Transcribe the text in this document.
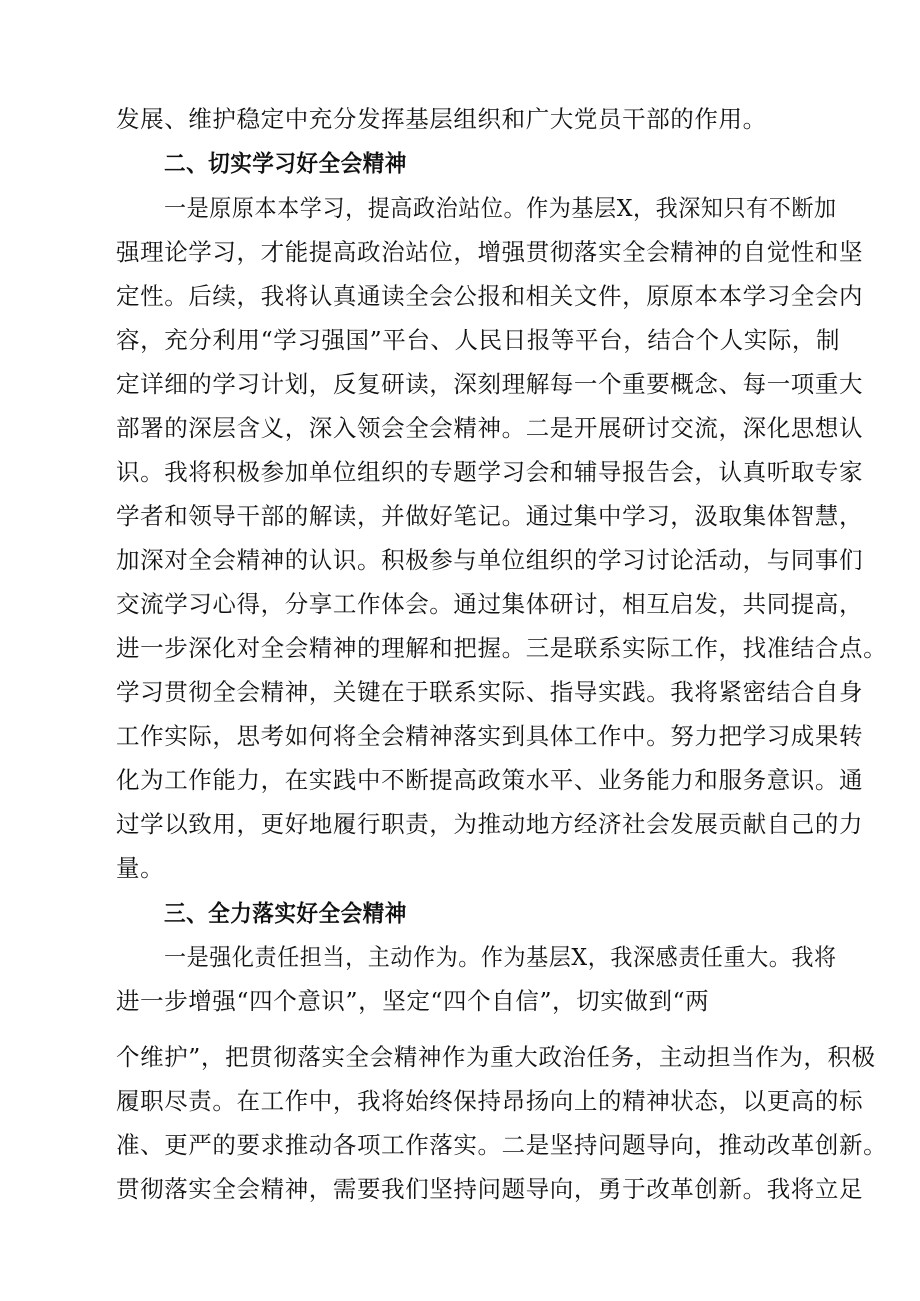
发展、维护稳定中充分发挥基层组织和广大党员干部的作用。
二、切实学习好全会精神
一是原原本本学习，提高政治站位。作为基层X，我深知只有不断加
强理论学习，才能提高政治站位，增强贯彻落实全会精神的自觉性和坚
定性。后续，我将认真通读全会公报和相关文件，原原本本学习全会内
容，充分利用“学习强国”平台、人民日报等平台，结合个人实际，制
定详细的学习计划，反复研读，深刻理解每一个重要概念、每一项重大
部署的深层含义，深入领会全会精神。二是开展研讨交流，深化思想认
识。我将积极参加单位组织的专题学习会和辅导报告会，认真听取专家
学者和领导干部的解读，并做好笔记。通过集中学习，汲取集体智慧，
加深对全会精神的认识。积极参与单位组织的学习讨论活动，与同事们
交流学习心得，分享工作体会。通过集体研讨，相互启发，共同提高，
进一步深化对全会精神的理解和把握。三是联系实际工作，找准结合点。
学习贯彻全会精神，关键在于联系实际、指导实践。我将紧密结合自身
工作实际，思考如何将全会精神落实到具体工作中。努力把学习成果转
化为工作能力，在实践中不断提高政策水平、业务能力和服务意识。通
过学以致用，更好地履行职责，为推动地方经济社会发展贡献自己的力
量。
三、全力落实好全会精神
一是强化责任担当，主动作为。作为基层X，我深感责任重大。我将
进一步增强“四个意识”，坚定“四个自信”，切实做到“两
个维护”，把贯彻落实全会精神作为重大政治任务，主动担当作为，积极
履职尽责。在工作中，我将始终保持昂扬向上的精神状态，以更高的标
准、更严的要求推动各项工作落实。二是坚持问题导向，推动改革创新。
贯彻落实全会精神，需要我们坚持问题导向，勇于改革创新。我将立足
